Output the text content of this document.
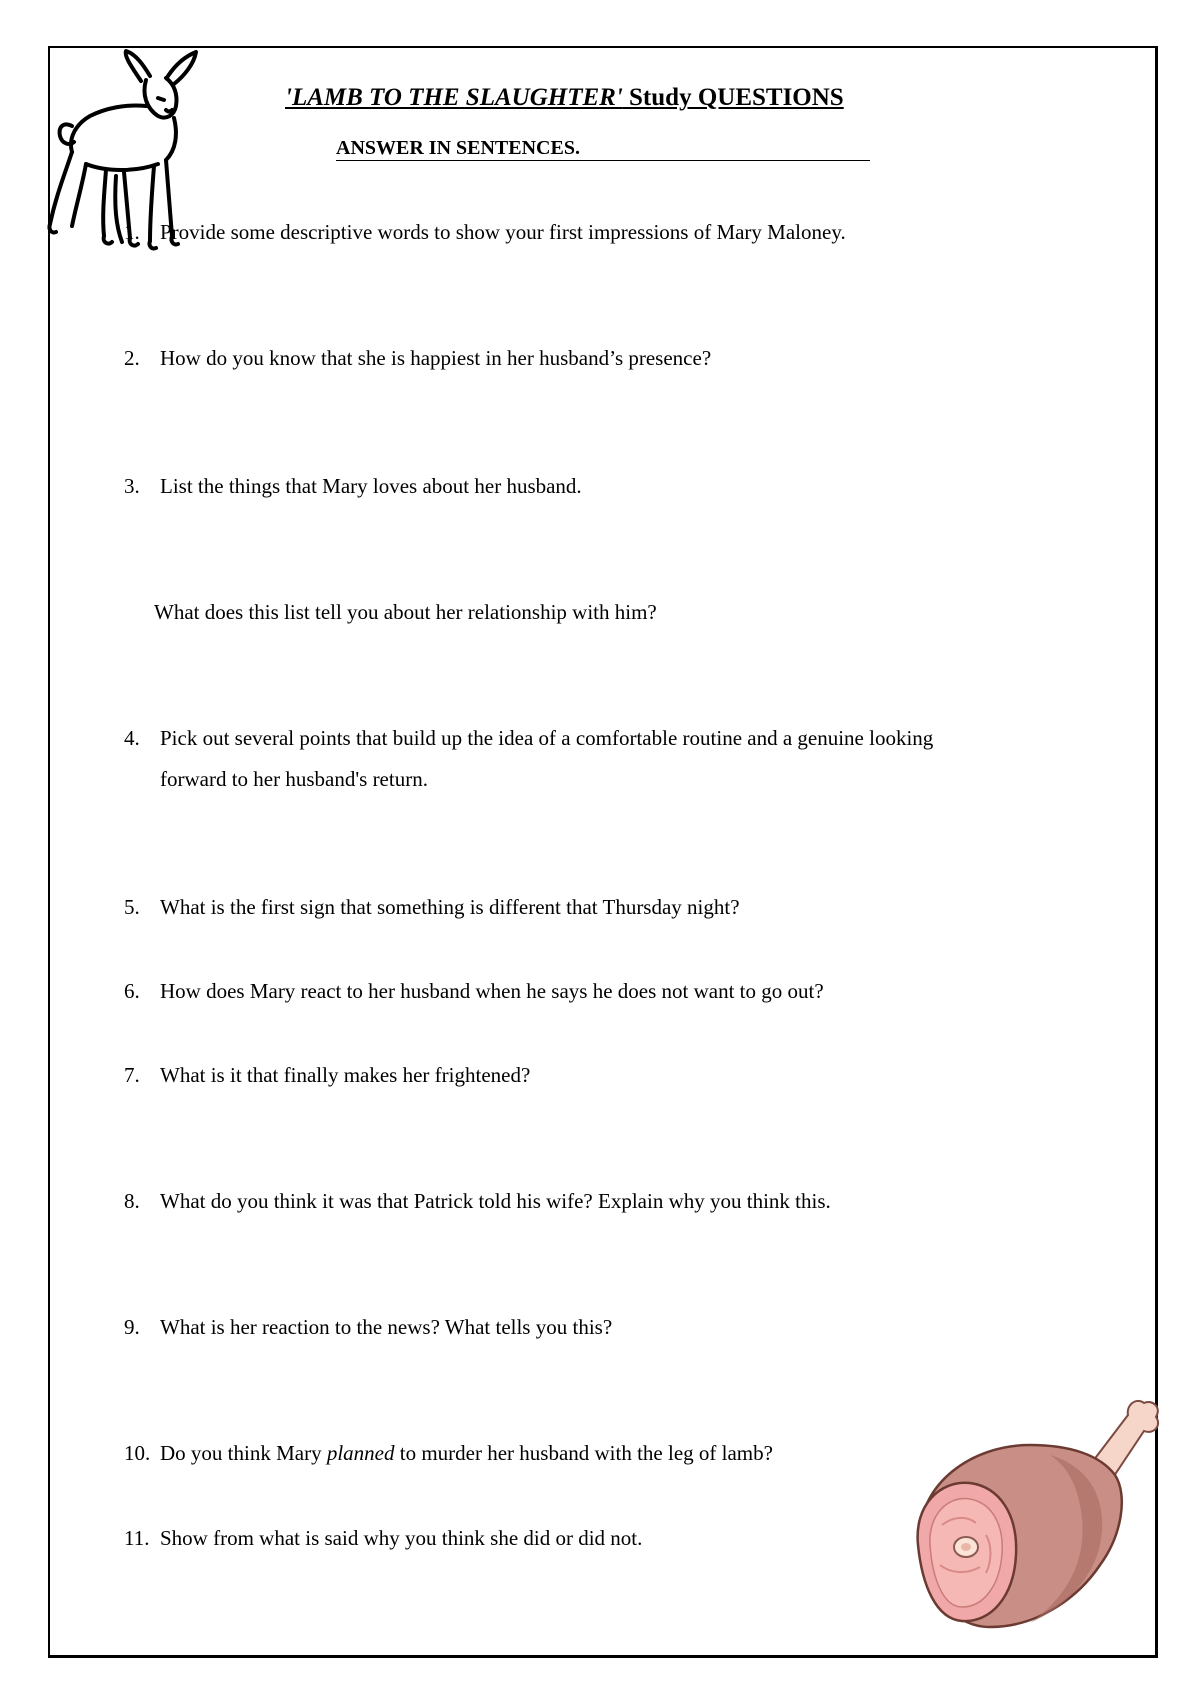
'LAMB TO THE SLAUGHTER' Study QUESTIONS
ANSWER IN SENTENCES.
1. Provide some descriptive words to show your first impressions of Mary Maloney.
2. How do you know that she is happiest in her husband’s presence?
3. List the things that Mary loves about her husband.
What does this list tell you about her relationship with him?
4. Pick out several points that build up the idea of a comfortable routine and a genuine looking
forward to her husband's return.
5. What is the first sign that something is different that Thursday night?
6. How does Mary react to her husband when he says he does not want to go out?
7. What is it that finally makes her frightened?
8. What do you think it was that Patrick told his wife? Explain why you think this.
9. What is her reaction to the news? What tells you this?
10. Do you think Mary planned to murder her husband with the leg of lamb?
11. Show from what is said why you think she did or did not.
